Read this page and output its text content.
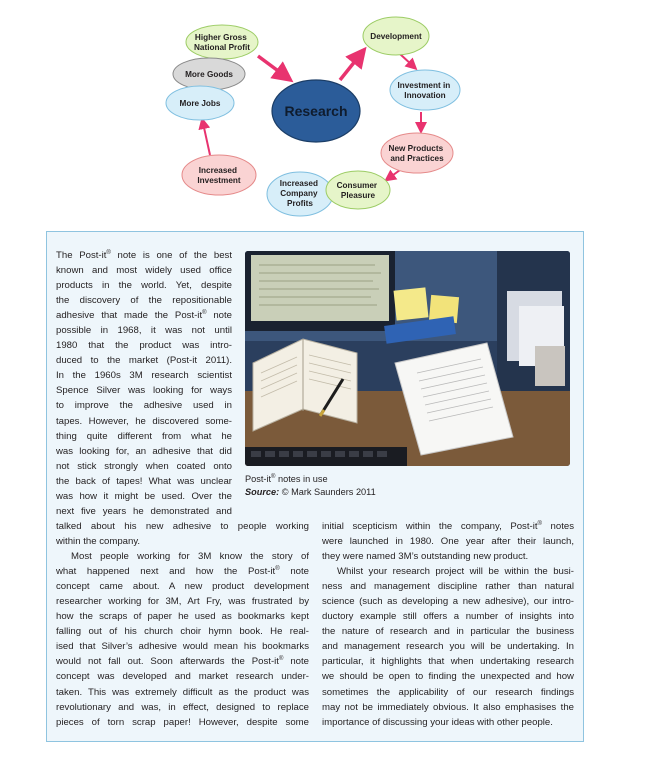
Higher Gross National Profit
More Goods
More Jobs	Research
Development
Investment in Innovation
New Products and Practices
Increased Investment	Increased Company Profits
Consumer Pleasure
Post-it® notes in use
Source: © Mark Saunders 2011
The Post-it® note is one of the best
known and most widely used office
products in the world. Yet, despite
the discovery of the repositionable
adhesive that made the Post-it® note
possible in 1968, it was not until
1980 that the product was intro-
duced to the market (Post-it 2011).
In the 1960s 3M research scientist
Spence Silver was looking for ways
to improve the adhesive used in
tapes. However, he discovered some-
thing quite different from what he
was looking for, an adhesive that did
not stick strongly when coated onto
the back of tapes! What was unclear
was how it might be used. Over the
next five years he demonstrated and
talked about his new adhesive to people working
within the company.
Most people working for 3M know the story of
what happened next and how the Post-it® note
concept came about. A new product development
researcher working for 3M, Art Fry, was frustrated by
how the scraps of paper he used as bookmarks kept
falling out of his church choir hymn book. He real-
ised that Silver’s adhesive would mean his bookmarks
would not fall out. Soon afterwards the Post-it® note
concept was developed and market research under-
taken. This was extremely difficult as the product was
revolutionary and was, in effect, designed to replace
pieces of torn scrap paper! However, despite some
initial scepticism within the company, Post-it® notes
were launched in 1980. One year after their launch,
they were named 3M’s outstanding new product.
Whilst your research project will be within the busi-
ness and management discipline rather than natural
science (such as developing a new adhesive), our intro-
ductory example still offers a number of insights into
the nature of research and in particular the business
and management research you will be undertaking. In
particular, it highlights that when undertaking research
we should be open to finding the unexpected and how
sometimes the applicability of our research findings
may not be immediately obvious. It also emphasises the
importance of discussing your ideas with other people.
